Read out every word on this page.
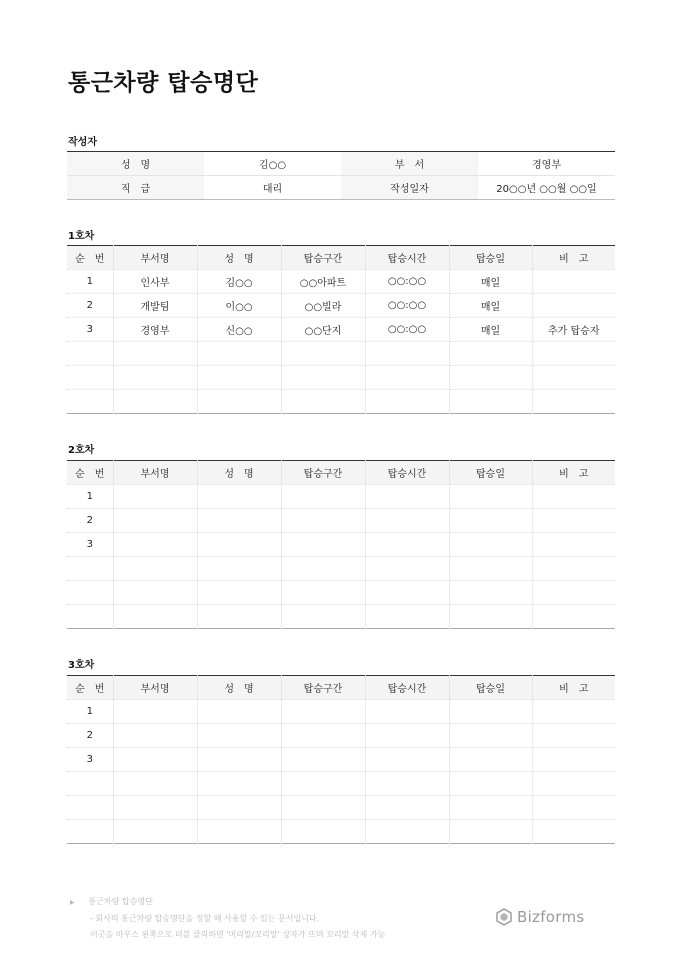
통근차량 탑승명단
작성자
성　명	김○○	부　서	경영부
직　급	대리	작성일자	20○○년 ○○월 ○○일
1호차
순　번	부서명	성　명	탑승구간	탑승시간	탑승일	비　고
1	인사부	김○○	○○아파트	○○:○○	매일	
2	개발팀	이○○	○○빌라	○○:○○	매일	
3	경영부	신○○	○○단지	○○:○○	매일	추가 탑승자

2호차
순　번	부서명	성　명	탑승구간	탑승시간	탑승일	비　고
1						
2						
3						

3호차
순　번	부서명	성　명	탑승구간	탑승시간	탑승일	비　고
1						
2						
3						

▶ 통근차량 탑승명단
- 회사의 통근차량 탑승명단을 정할 때 사용할 수 있는 문서입니다.
이곳을 마우스 왼쪽으로 더블 클릭하면 '머리말/꼬리말' 상자가 뜨며 꼬리말 삭제 가능
Bizforms
